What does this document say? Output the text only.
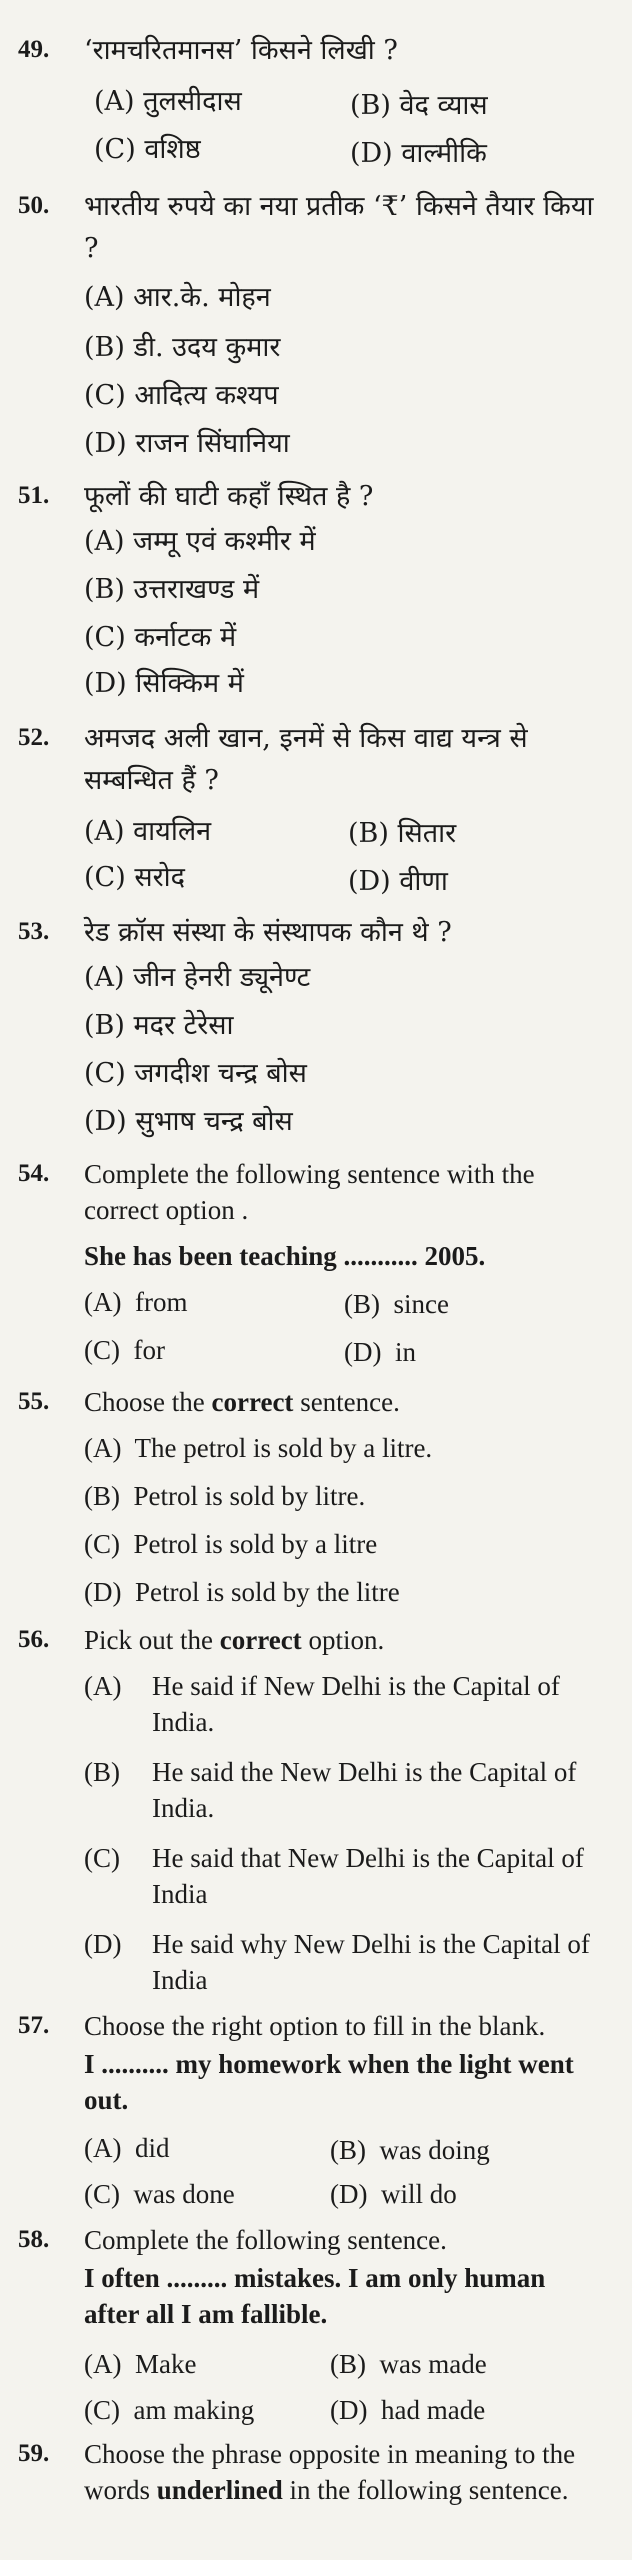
49. ‘रामचरितमानस’ किसने लिखी ?
(A) तुलसीदास	(B) वेद व्यास
(C) वशिष्ठ	(D) वाल्मीकि
50. भारतीय रुपये का नया प्रतीक ‘₹’ किसने तैयार किया ?
(A) आर.के. मोहन
(B) डी. उदय कुमार
(C) आदित्य कश्यप
(D) राजन सिंघानिया
51. फूलों की घाटी कहाँ स्थित है ?
(A) जम्मू एवं कश्मीर में
(B) उत्तराखण्ड में
(C) कर्नाटक में
(D) सिक्किम में
52. अमजद अली खान, इनमें से किस वाद्य यन्त्र से सम्बन्धित हैं ?
(A) वायलिन	(B) सितार
(C) सरोद	(D) वीणा
53. रेड क्रॉस संस्था के संस्थापक कौन थे ?
(A) जीन हेनरी ड्यूनेण्ट
(B) मदर टेरेसा
(C) जगदीश चन्द्र बोस
(D) सुभाष चन्द्र बोस
54. Complete the following sentence with the correct option .
She has been teaching ........... 2005.
(A) from	(B) since
(C) for	(D) in
55. Choose the correct sentence.
(A) The petrol is sold by a litre.
(B) Petrol is sold by litre.
(C) Petrol is sold by a litre
(D) Petrol is sold by the litre
56. Pick out the correct option.
(A) He said if New Delhi is the Capital of India.
(B) He said the New Delhi is the Capital of India.
(C) He said that New Delhi is the Capital of India
(D) He said why New Delhi is the Capital of India
57. Choose the right option to fill in the blank.
I .......... my homework when the light went out.
(A) did	(B) was doing
(C) was done	(D) will do
58. Complete the following sentence.
I often ......... mistakes. I am only human after all I am fallible.
(A) Make	(B) was made
(C) am making	(D) had made
59. Choose the phrase opposite in meaning to the words underlined in the following sentence.
